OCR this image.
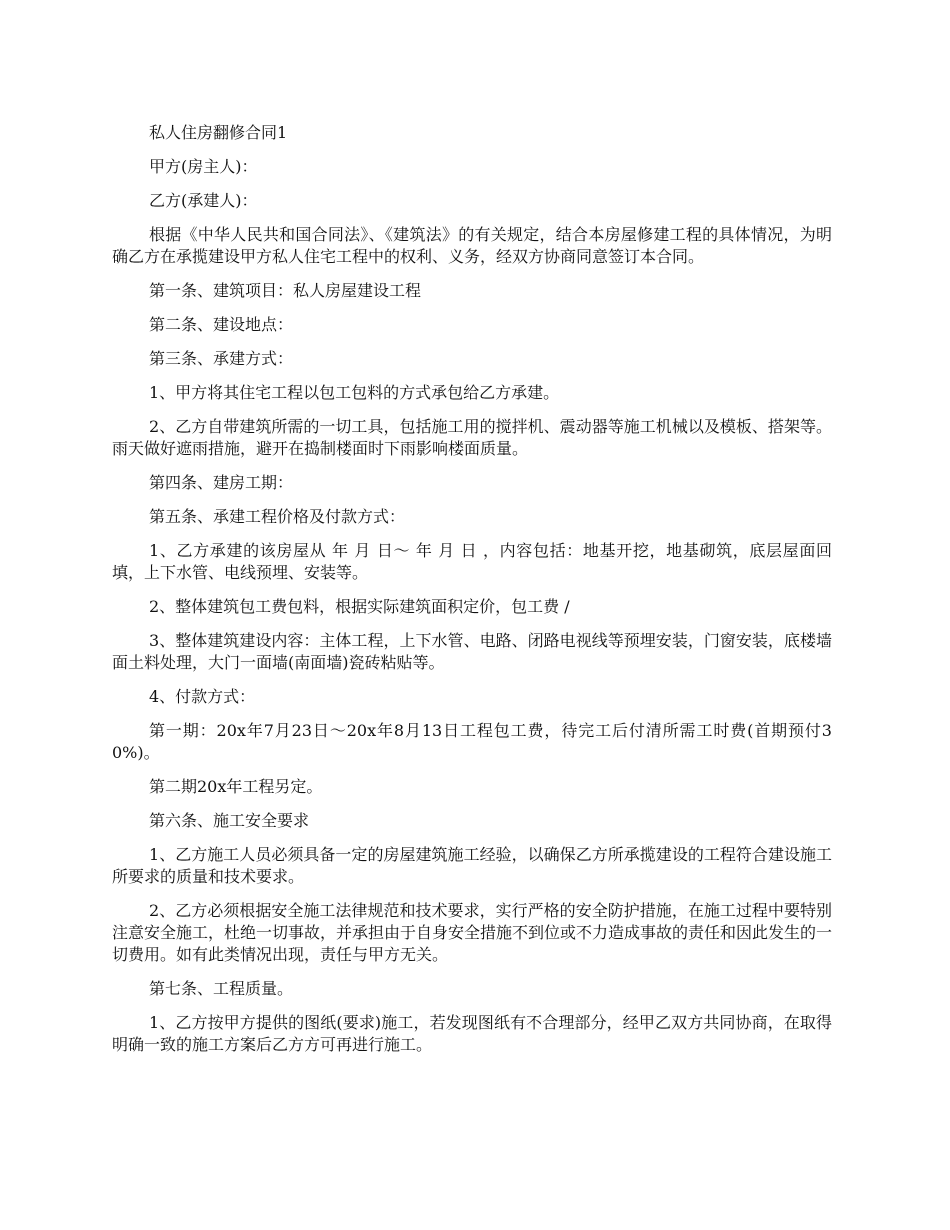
私人住房翻修合同1

甲方(房主人)：

乙方(承建人)：

根据《中华人民共和国合同法》、《建筑法》的有关规定，结合本房屋修建工程的具体情况，为明确乙方在承揽建设甲方私人住宅工程中的权利、义务，经双方协商同意签订本合同。

第一条、建筑项目：私人房屋建设工程

第二条、建设地点：

第三条、承建方式：

1、甲方将其住宅工程以包工包料的方式承包给乙方承建。

2、乙方自带建筑所需的一切工具，包括施工用的搅拌机、震动器等施工机械以及模板、搭架等。雨天做好遮雨措施，避开在捣制楼面时下雨影响楼面质量。

第四条、建房工期：

第五条、承建工程价格及付款方式：

1、乙方承建的该房屋从 年 月 日～ 年 月 日 ，内容包括：地基开挖，地基砌筑，底层屋面回填，上下水管、电线预埋、安装等。

2、整体建筑包工费包料，根据实际建筑面积定价，包工费 /

3、整体建筑建设内容：主体工程，上下水管、电路、闭路电视线等预埋安装，门窗安装，底楼墙面土料处理，大门一面墙(南面墙)瓷砖粘贴等。

4、付款方式：

第一期：20x年7月23日～20x年8月13日工程包工费，待完工后付清所需工时费(首期预付30%)。

第二期20x年工程另定。

第六条、施工安全要求

1、乙方施工人员必须具备一定的房屋建筑施工经验，以确保乙方所承揽建设的工程符合建设施工所要求的质量和技术要求。

2、乙方必须根据安全施工法律规范和技术要求，实行严格的安全防护措施，在施工过程中要特别注意安全施工，杜绝一切事故，并承担由于自身安全措施不到位或不力造成事故的责任和因此发生的一切费用。如有此类情况出现，责任与甲方无关。

第七条、工程质量。

1、乙方按甲方提供的图纸(要求)施工，若发现图纸有不合理部分，经甲乙双方共同协商，在取得明确一致的施工方案后乙方方可再进行施工。
